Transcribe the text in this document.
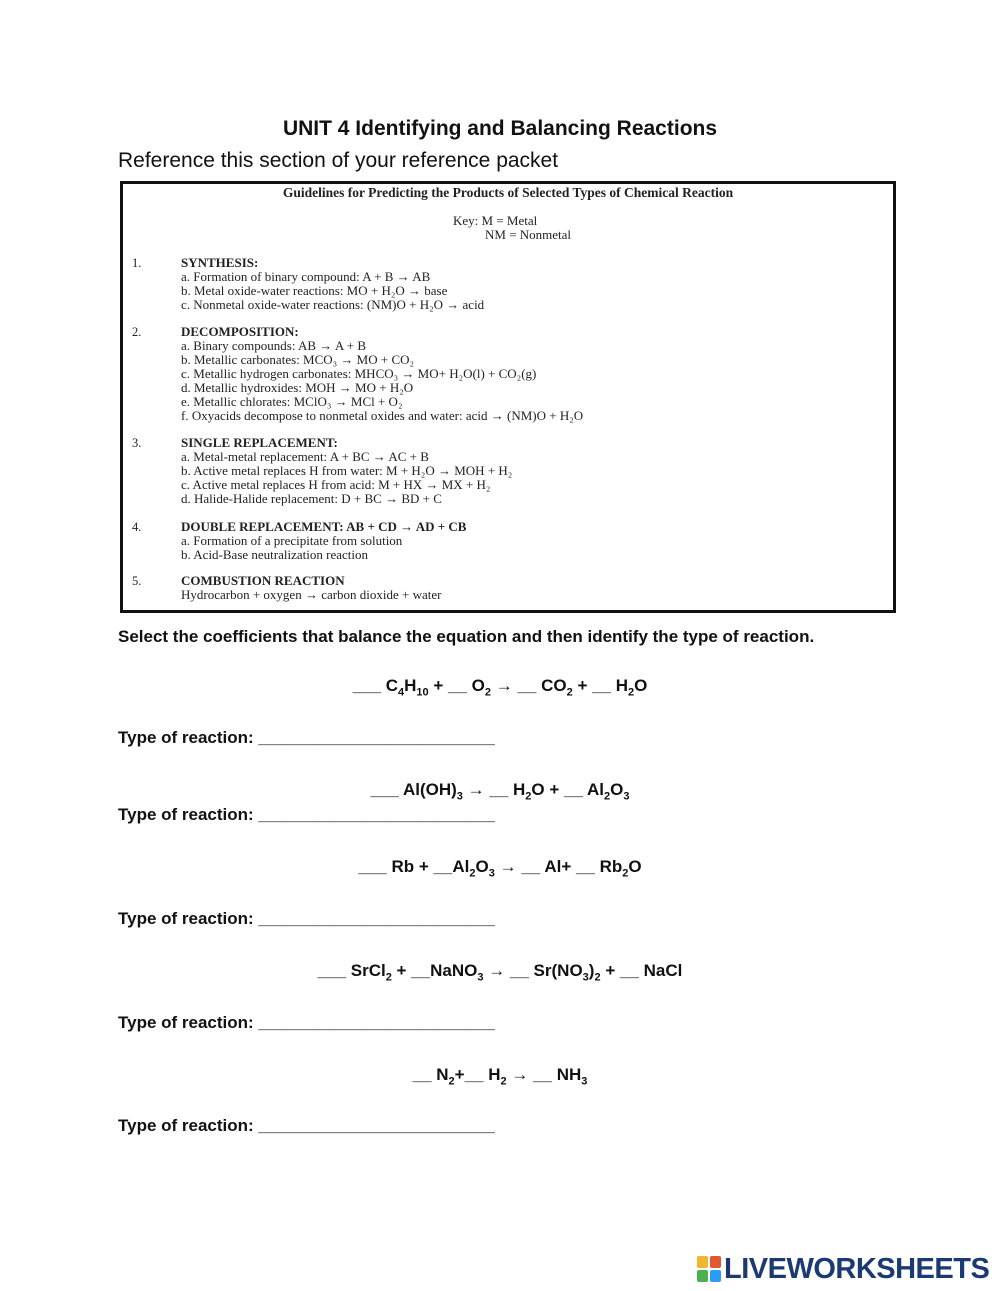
UNIT 4 Identifying and Balancing Reactions
Reference this section of your reference packet
Guidelines for Predicting the Products of Selected Types of Chemical Reaction
Key: M = Metal
NM = Nonmetal
1.	SYNTHESIS:
a. Formation of binary compound: A + B → AB
b. Metal oxide-water reactions: MO + H₂O → base
c. Nonmetal oxide-water reactions: (NM)O + H₂O → acid
2.	DECOMPOSITION:
a. Binary compounds: AB → A + B
b. Metallic carbonates: MCO₃ → MO + CO₂
c. Metallic hydrogen carbonates: MHCO₃ → MO+ H₂O(l) + CO₂(g)
d. Metallic hydroxides: MOH → MO + H₂O
e. Metallic chlorates: MClO₃ → MCl + O₂
f. Oxyacids decompose to nonmetal oxides and water: acid → (NM)O + H₂O
3.	SINGLE REPLACEMENT:
a. Metal-metal replacement: A + BC → AC + B
b. Active metal replaces H from water: M + H₂O → MOH + H₂
c. Active metal replaces H from acid: M + HX → MX + H₂
d. Halide-Halide replacement: D + BC → BD + C
4.	DOUBLE REPLACEMENT: AB + CD → AD + CB
a. Formation of a precipitate from solution
b. Acid-Base neutralization reaction
5.	COMBUSTION REACTION
Hydrocarbon + oxygen → carbon dioxide + water
Select the coefficients that balance the equation and then identify the type of reaction.
___ $C_4H_{10}$ + __ $O_2$ → __ $CO_2$ + __ $H_2O$
Type of reaction: _________________________
___ $Al(OH)_3$ → __ $H_2O$ + __ $Al_2O_3$
Type of reaction: _________________________
___ $Rb + \_\_Al_2O_3$ → __ Al+ __ $Rb_2O$
Type of reaction: _________________________
___ SrCl$_2$ + __NaNO$_3$ → __ $Sr(NO_3)_2$ + __ NaCl
Type of reaction: _________________________
__ $N_2+\_\_$ $H_2$ → __ $NH_3$
Type of reaction: _________________________
LIVEWORKSHEETS
